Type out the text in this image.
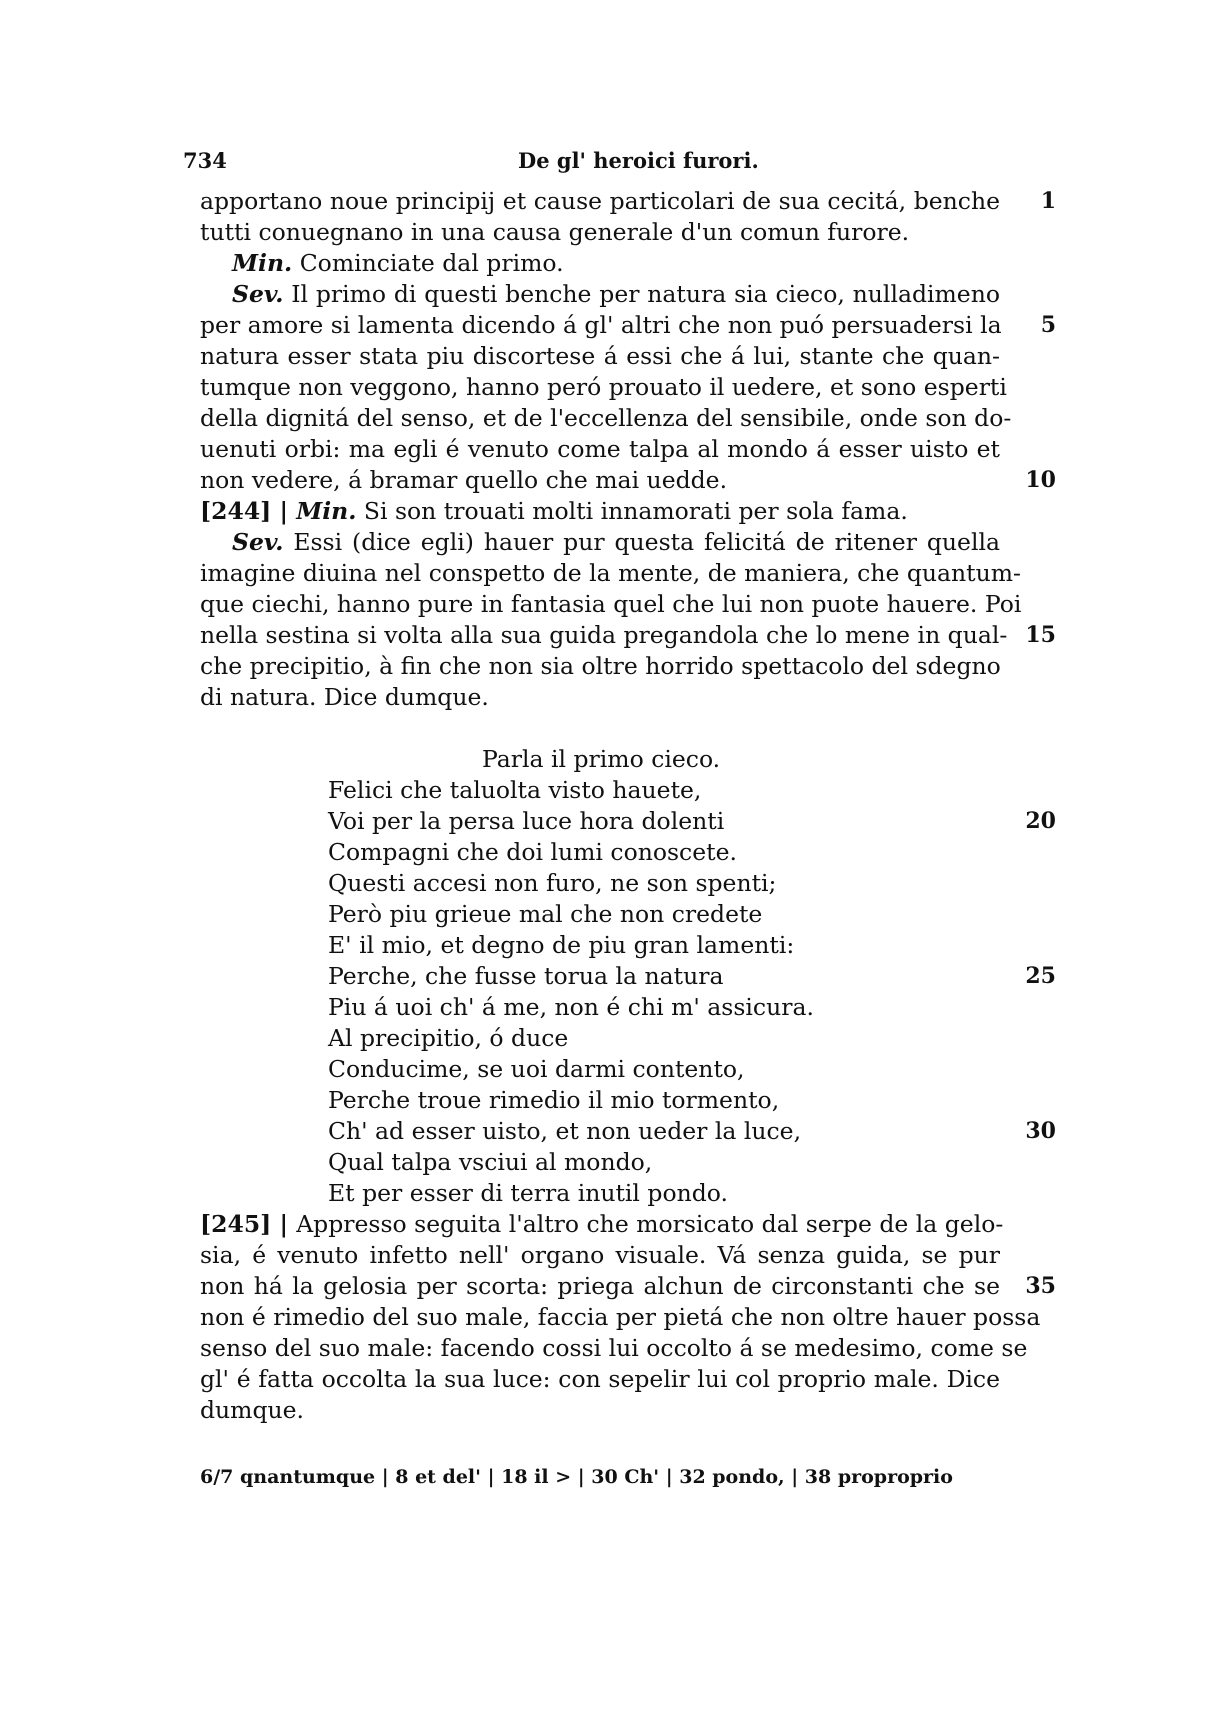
734	De gl' heroici furori.
apportano noue principij et cause particolari de sua cecitá, benche
tutti conuegnano in una causa generale d'un comun furore.
Min. Cominciate dal primo.
Sev. Il primo di questi benche per natura sia cieco, nulladimeno
per amore si lamenta dicendo á gl' altri che non puó persuadersi la
natura esser stata piu discortese á essi che á lui, stante che quan-
tumque non veggono, hanno peró prouato il uedere, et sono esperti
della dignitá del senso, et de l'eccellenza del sensibile, onde son do-
uenuti orbi: ma egli é venuto come talpa al mondo á esser uisto et
non vedere, á bramar quello che mai uedde.
[244] | Min. Si son trouati molti innamorati per sola fama.
Sev. Essi (dice egli) hauer pur questa felicitá de ritener quella
imagine diuina nel conspetto de la mente, de maniera, che quantum-
que ciechi, hanno pure in fantasia quel che lui non puote hauere. Poi
nella sestina si volta alla sua guida pregandola che lo mene in qual-
che precipitio, à fin che non sia oltre horrido spettacolo del sdegno
di natura. Dice dumque.
Parla il primo cieco.
Felici che taluolta visto hauete,
Voi per la persa luce hora dolenti
Compagni che doi lumi conoscete.
Questi accesi non furo, ne son spenti;
Però piu grieue mal che non credete
E' il mio, et degno de piu gran lamenti:
Perche, che fusse torua la natura
Piu á uoi ch' á me, non é chi m' assicura.
Al precipitio, ó duce
Conducime, se uoi darmi contento,
Perche troue rimedio il mio tormento,
Ch' ad esser uisto, et non ueder la luce,
Qual talpa vsciui al mondo,
Et per esser di terra inutil pondo.
[245] | Appresso seguita l'altro che morsicato dal serpe de la gelo-
sia, é venuto infetto nell' organo visuale. Vá senza guida, se pur
non há la gelosia per scorta: priega alchun de circonstanti che se
non é rimedio del suo male, faccia per pietá che non oltre hauer possa
senso del suo male: facendo cossi lui occolto á se medesimo, come se
gl' é fatta occolta la sua luce: con sepelir lui col proprio male. Dice
dumque.
1
5
10
15
20
25
30
35
6/7 qnantumque | 8 et del' | 18 il > | 30 Ch' | 32 pondo, | 38 proproprio
